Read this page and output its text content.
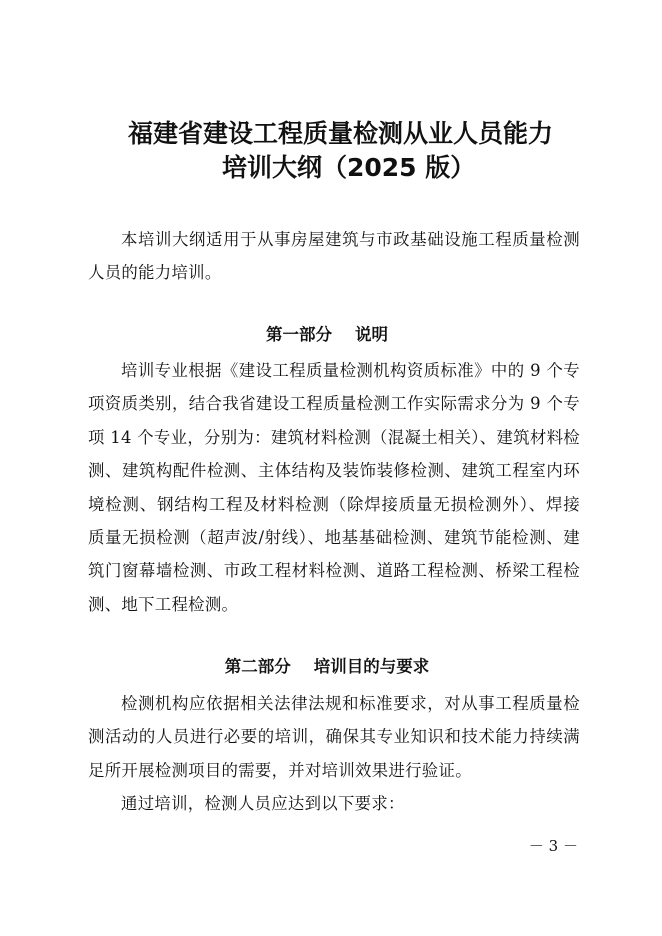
福建省建设工程质量检测从业人员能力
培训大纲（2025 版）

本培训大纲适用于从事房屋建筑与市政基础设施工程质量检测人员的能力培训。

第一部分    说明

培训专业根据《建设工程质量检测机构资质标准》中的 9 个专项资质类别，结合我省建设工程质量检测工作实际需求分为 9 个专项 14 个专业，分别为：建筑材料检测（混凝土相关）、建筑材料检测、建筑构配件检测、主体结构及装饰装修检测、建筑工程室内环境检测、钢结构工程及材料检测（除焊接质量无损检测外）、焊接质量无损检测（超声波/射线）、地基基础检测、建筑节能检测、建筑门窗幕墙检测、市政工程材料检测、道路工程检测、桥梁工程检测、地下工程检测。

第二部分    培训目的与要求

检测机构应依据相关法律法规和标准要求，对从事工程质量检测活动的人员进行必要的培训，确保其专业知识和技术能力持续满足所开展检测项目的需要，并对培训效果进行验证。

通过培训，检测人员应达到以下要求：

－ 3 －
